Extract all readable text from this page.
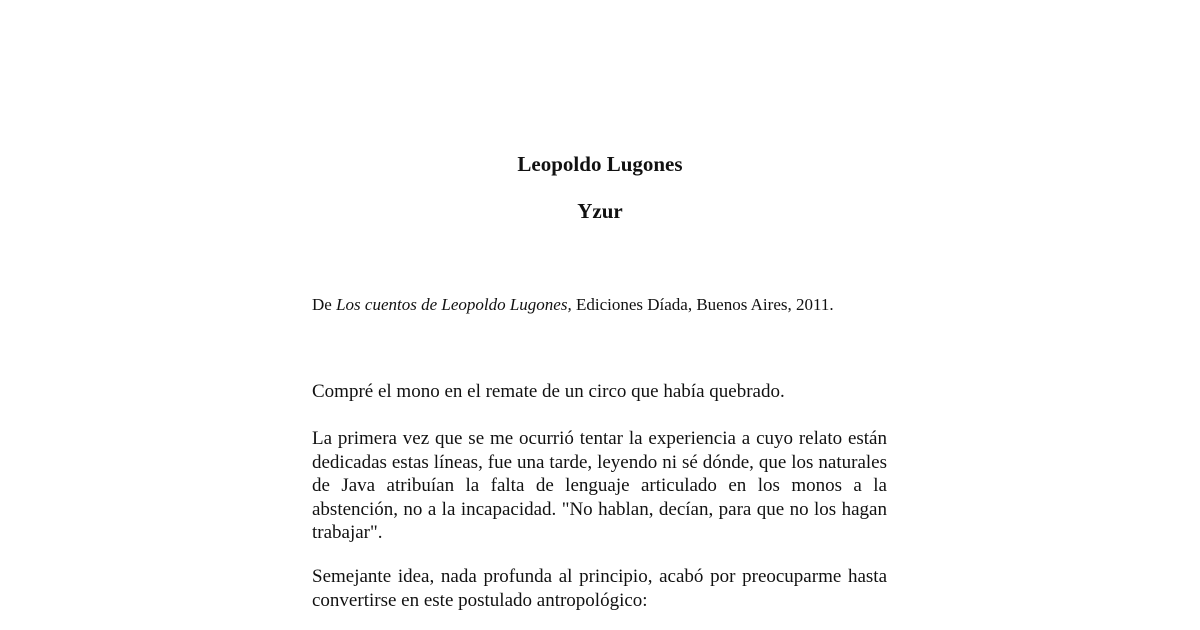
Leopoldo Lugones
Yzur
De Los cuentos de Leopoldo Lugones, Ediciones Díada, Buenos Aires, 2011.

Compré el mono en el remate de un circo que había quebrado.

La primera vez que se me ocurrió tentar la experiencia a cuyo relato están dedicadas estas líneas, fue una tarde, leyendo ni sé dónde, que los naturales de Java atribuían la falta de lenguaje articulado en los monos a la abstención, no a la incapacidad. "No hablan, decían, para que no los hagan trabajar".

Semejante idea, nada profunda al principio, acabó por preocuparme hasta convertirse en este postulado antropológico:
